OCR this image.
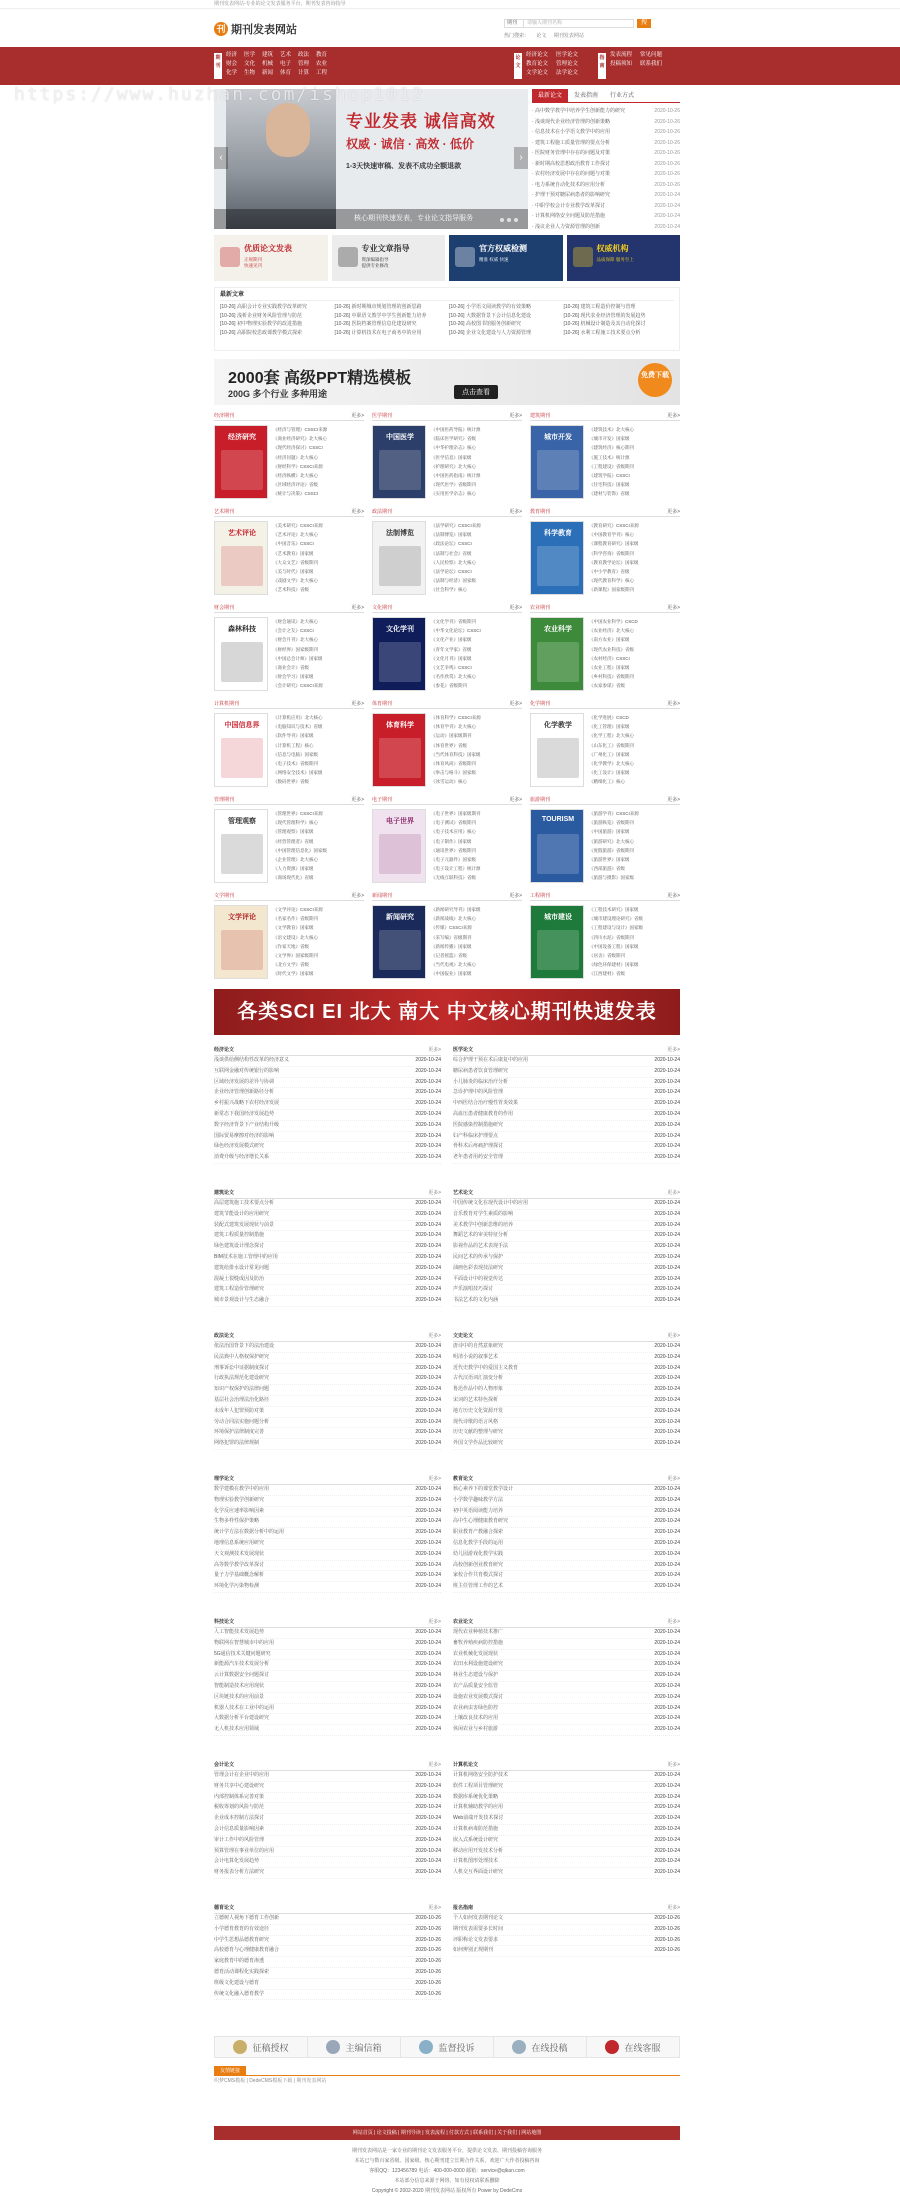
期刊发表网站-专业的论文发表服务平台，期刊发表咨询指导
刊 期刊发表网站
期刊	请输入期刊名称	搜
热门搜索： 论文 期刊发表网站
期
刊
经济	医学	建筑	艺术	政法	教育
财会	文化	机械	电子	管理	农业
化学	生物	新闻	体育	计算	工程
论
文
经济论文	医学论文
教育论文	管理论文
文学论文	法学论文
指
南
发表流程	常见问题
投稿须知	联系我们
专业发表 诚信高效
权威 · 诚信 · 高效 · 低价
1-3天快速审稿、发表不成功全额退款
核心期刊快速发表，专业论文指导服务
‹	›
最新论文	发表指南	行业方式
· 高中数学教学中培养学生创新能力的研究	2020-10-26
· 浅谈现代企业经济管理的创新策略	2020-10-26
· 信息技术在小学语文教学中的应用	2020-10-26
· 建筑工程施工质量管理的要点分析	2020-10-26
· 医院财务管理中存在的问题及对策	2020-10-26
· 新时期高校思想政治教育工作探讨	2020-10-26
· 农村经济发展中存在的问题与对策	2020-10-26
· 电力系统自动化技术的应用分析	2020-10-26
· 护理干预对糖尿病患者的影响研究	2020-10-24
· 中职学校会计专业教学改革探讨	2020-10-24
· 计算机网络安全问题及防范措施	2020-10-24
· 浅议企业人力资源管理的创新	2020-10-24
优质论文发表
正规期刊
快速见刊
专业文章指导
资深编辑指导
提供专业修改
官方权威检测
精准 权威 快速
权威机构
品质保障 服务至上
最新文章
[10-26] 高职会计专业实践教学改革研究	[10-26] 新时期城市规划管理的创新思路	[10-26] 小学语文阅读教学的有效策略	[10-26] 建筑工程造价控制与管理
[10-26] 浅析企业财务风险管理与防范	[10-26] 中职语文教学中学生创新能力培养	[10-26] 大数据背景下会计信息化建设	[10-26] 现代农业经济管理的发展趋势
[10-26] 初中物理实验教学的改进措施	[10-26] 医院档案管理信息化建设研究	[10-26] 高校图书馆服务创新研究	[10-26] 机械设计制造及其自动化探讨
[10-26] 高职院校思政课教学模式探索	[10-26] 计算机技术在电子商务中的应用	[10-26] 企业文化建设与人力资源管理	[10-26] 水利工程施工技术要点分析
2000套 高级PPT精选模板
200G 多个行业 多种用途	点击查看
免费下载
经济期刊	更多>
经济研究
《经济与管理》CSSCI来源
《商业经济研究》北大核心
《现代经济探讨》CSSCI
《经济问题》北大核心
《财经科学》CSSCI来源
《经济纵横》北大核心
《区域经济评论》省级
《统计与决策》CSSCI
医学期刊	更多>
中国医学
《中国医药导报》统计源
《临床医学研究》省级
《中华护理杂志》核心
《医学信息》国家级
《护理研究》北大核心
《中国医药指南》统计源
《现代医学》省级期刊
《实用医学杂志》核心
建筑期刊	更多>
城市开发
《建筑技术》北大核心
《城市开发》国家级
《建筑经济》核心期刊
《施工技术》统计源
《工程建设》省级期刊
《建筑学报》CSSCI
《住宅科技》国家级
《建材与装饰》省级
艺术期刊	更多>
艺术评论
《美术研究》CSSCI来源
《艺术评论》北大核心
《中国音乐》CSSCI
《艺术教育》国家级
《大众文艺》省级期刊
《美与时代》国家级
《戏剧文学》北大核心
《艺术科技》省级
政法期刊	更多>
法制博览
《法学研究》CSSCI来源
《法制博览》国家级
《政法论坛》CSSCI
《法制与社会》省级
《人民检察》北大核心
《法学论坛》CSSCI
《法制与经济》国家级
《社会科学》核心
教育期刊	更多>
科学教育
《教育研究》CSSCI来源
《中国教育学刊》核心
《课程教育研究》国家级
《科学咨询》省级期刊
《教育教学论坛》国家级
《中小学教育》省级
《现代教育科学》核心
《新课程》国家级期刊
财会期刊	更多>
森林科技
《财会通讯》北大核心
《会计之友》CSSCI
《财会月刊》北大核心
《财经界》国家级期刊
《中国总会计师》国家级
《商业会计》省级
《财会学习》国家级
《会计研究》CSSCI来源
文化期刊	更多>
文化学刊
《文化学刊》省级期刊
《中华文化论坛》CSSCI
《文化产业》国家级
《青年文学家》省级
《文化月刊》国家级
《文艺争鸣》CSSCI
《名作欣赏》北大核心
《参花》省级期刊
农业期刊	更多>
农业科学
《中国农业科学》CSCD
《农业经济》北大核心
《南方农业》国家级
《现代农业科技》省级
《农村经济》CSSCI
《农业工程》国家级
《乡村科技》省级期刊
《农家参谋》省级
计算机期刊	更多>
中国信息界
《计算机应用》北大核心
《电脑知识与技术》省级
《软件导刊》国家级
《计算机工程》核心
《信息与电脑》国家级
《电子技术》省级期刊
《网络安全技术》国家级
《数码世界》省级
体育期刊	更多>
体育科学
《体育科学》CSSCI来源
《体育学刊》北大核心
《运动》国家级期刊
《体育世界》省级
《当代体育科技》国家级
《体育风尚》省级期刊
《拳击与格斗》国家级
《冰雪运动》核心
化学期刊	更多>
化学教学
《化学进展》CSCD
《化工管理》国家级
《化学工程》北大核心
《山东化工》省级期刊
《广州化工》国家级
《化学教学》北大核心
《化工设计》国家级
《精细化工》核心
管理期刊	更多>
管理观察
《管理世界》CSSCI来源
《现代管理科学》核心
《管理观察》国家级
《经营管理者》省级
《中国管理信息化》国家级
《企业管理》北大核心
《人力资源》国家级
《商场现代化》省级
电子期刊	更多>
电子世界
《电子世界》国家级期刊
《电子测试》省级期刊
《电子技术应用》核心
《电子制作》国家级
《通讯世界》省级期刊
《电子元器件》国家级
《电子设计工程》统计源
《无线互联科技》省级
旅游期刊	更多>
TOURISM
《旅游学刊》CSSCI来源
《旅游纵览》省级期刊
《中国旅游》国家级
《旅游研究》北大核心
《度假旅游》省级期刊
《旅游世界》国家级
《西部旅游》省级
《旅游与摄影》国家级
文学期刊	更多>
文学评论
《文学评论》CSSCI来源
《名家名作》省级期刊
《文学教育》国家级
《语文建设》北大核心
《作家天地》省级
《文学界》国家级期刊
《北方文学》省级
《时代文学》国家级
新闻期刊	更多>
新闻研究
《新闻研究导刊》国家级
《新闻战线》北大核心
《传媒》CSSCI来源
《采写编》省级期刊
《新闻传播》国家级
《记者摇篮》省级
《当代电视》北大核心
《中国报业》国家级
工程期刊	更多>
城市建设
《工程技术研究》国家级
《城市建设理论研究》省级
《工程建设与设计》国家级
《四川水泥》省级期刊
《中国设备工程》国家级
《居舍》省级期刊
《绿色环保建材》国家级
《江西建材》省级
各类SCI EI 北大 南大 中文核心期刊快速发表
经济论文	更多>
浅谈供给侧结构性改革的经济意义	2020-10-24
互联网金融对传统银行的影响	2020-10-24
区域经济发展的差异与协调	2020-10-24
企业经济管理创新路径分析	2020-10-24
乡村振兴战略下农村经济发展	2020-10-24
新常态下我国经济发展趋势	2020-10-24
数字经济背景下产业结构升级	2020-10-24
国际贸易摩擦对经济的影响	2020-10-24
绿色经济发展模式研究	2020-10-24
消费升级与经济增长关系	2020-10-24
医学论文	更多>
综合护理干预在术后康复中的应用	2020-10-24
糖尿病患者饮食管理研究	2020-10-24
小儿肺炎的临床治疗分析	2020-10-24
急诊护理中的风险管理	2020-10-24
中西医结合治疗慢性胃炎效果	2020-10-24
高血压患者健康教育的作用	2020-10-24
医院感染控制措施研究	2020-10-24
妇产科临床护理要点	2020-10-24
骨科术后疼痛护理探讨	2020-10-24
老年患者用药安全管理	2020-10-24
建筑论文	更多>
高层建筑施工技术要点分析	2020-10-24
建筑节能设计的应用研究	2020-10-24
装配式建筑发展现状与前景	2020-10-24
建筑工程质量控制措施	2020-10-24
绿色建筑设计理念探讨	2020-10-24
BIM技术在施工管理中的应用	2020-10-24
建筑给排水设计常见问题	2020-10-24
混凝土裂缝成因及防治	2020-10-24
建筑工程造价管理研究	2020-10-24
城市景观设计与生态融合	2020-10-24
艺术论文	更多>
中国传统文化在现代设计中的应用	2020-10-24
音乐教育对学生素质的影响	2020-10-24
美术教学中创新思维的培养	2020-10-24
舞蹈艺术的审美特征分析	2020-10-24
影视作品的艺术表现手法	2020-10-24
民间艺术的传承与保护	2020-10-24
油画色彩表现技法研究	2020-10-24
平面设计中的视觉传达	2020-10-24
声乐演唱技巧探讨	2020-10-24
书法艺术的文化内涵	2020-10-24
政法论文	更多>
依法治国背景下的法治建设	2020-10-24
民法典中人格权保护研究	2020-10-24
刑事诉讼中证据制度探讨	2020-10-24
行政执法规范化建设研究	2020-10-24
知识产权保护的法律问题	2020-10-24
基层社会治理法治化路径	2020-10-24
未成年人犯罪预防对策	2020-10-24
劳动合同法实施问题分析	2020-10-24
环境保护法律制度完善	2020-10-24
网络犯罪的法律规制	2020-10-24
文史论文	更多>
唐诗中的自然意象研究	2020-10-24
明清小说的叙事艺术	2020-10-24
近代史教学中的爱国主义教育	2020-10-24
古代汉语词汇演变分析	2020-10-24
鲁迅作品中的人物形象	2020-10-24
宋词的艺术特色探析	2020-10-24
地方历史文化资源开发	2020-10-24
现代诗歌的语言风格	2020-10-24
历史文献的整理与研究	2020-10-24
外国文学作品比较研究	2020-10-24
理学论文	更多>
数学建模在教学中的应用	2020-10-24
物理实验教学创新研究	2020-10-24
化学反应速率影响因素	2020-10-24
生物多样性保护策略	2020-10-24
统计学方法在数据分析中的运用	2020-10-24
地理信息系统应用研究	2020-10-24
天文观测技术发展现状	2020-10-24
高等数学教学改革探讨	2020-10-24
量子力学基础概念解析	2020-10-24
环境化学污染物检测	2020-10-24
教育论文	更多>
核心素养下的课堂教学设计	2020-10-24
小学数学趣味教学方法	2020-10-24
初中英语阅读能力培养	2020-10-24
高中生心理健康教育研究	2020-10-24
职业教育产教融合探索	2020-10-24
信息化教学手段的运用	2020-10-24
幼儿园游戏化教学实践	2020-10-24
高校创新创业教育研究	2020-10-24
家校合作共育模式探讨	2020-10-24
班主任管理工作的艺术	2020-10-24
科技论文	更多>
人工智能技术发展趋势	2020-10-24
物联网在智慧城市中的应用	2020-10-24
5G通信技术关键问题研究	2020-10-24
新能源汽车技术发展分析	2020-10-24
云计算数据安全问题探讨	2020-10-24
智能制造技术应用现状	2020-10-24
区块链技术的应用前景	2020-10-24
机器人技术在工业中的运用	2020-10-24
大数据分析平台建设研究	2020-10-24
无人机技术应用领域	2020-10-24
农业论文	更多>
现代农业种植技术推广	2020-10-24
畜牧养殖疾病防控措施	2020-10-24
农业机械化发展现状	2020-10-24
农田水利设施建设研究	2020-10-24
林业生态建设与保护	2020-10-24
农产品质量安全监管	2020-10-24
设施农业发展模式探讨	2020-10-24
农业病虫害绿色防控	2020-10-24
土壤改良技术的应用	2020-10-24
休闲农业与乡村旅游	2020-10-24
会计论文	更多>
管理会计在企业中的应用	2020-10-24
财务共享中心建设研究	2020-10-24
内部控制体系完善对策	2020-10-24
税收筹划的风险与防范	2020-10-24
企业成本控制方法探讨	2020-10-24
会计信息质量影响因素	2020-10-24
审计工作中的风险管理	2020-10-24
预算管理在事业单位的应用	2020-10-24
会计电算化发展趋势	2020-10-24
财务报表分析方法研究	2020-10-24
计算机论文	更多>
计算机网络安全防护技术	2020-10-24
软件工程项目管理研究	2020-10-24
数据库系统优化策略	2020-10-24
计算机辅助教学的应用	2020-10-24
Web前端开发技术探讨	2020-10-24
计算机病毒防范措施	2020-10-24
嵌入式系统设计研究	2020-10-24
移动应用开发技术分析	2020-10-24
计算机图形处理技术	2020-10-24
人机交互界面设计研究	2020-10-24
德育论文	更多>
立德树人视角下德育工作创新	2020-10-26
小学德育教育的有效途径	2020-10-26
中学生思想品德教育研究	2020-10-26
高校德育与心理健康教育融合	2020-10-26
家庭教育中的德育渗透	2020-10-26
德育活动课程化实践探索	2020-10-26
班级文化建设与德育	2020-10-26
传统文化融入德育教学	2020-10-26
报名指南	更多>
个人如何发表期刊论文	2020-10-26
期刊发表需要多长时间	2020-10-26
评职称论文发表要求	2020-10-26
如何辨别正规期刊	2020-10-26
征稿授权	主编信箱	监督投诉	在线投稿	在线客服
友情链接
织梦CMS模板 | DedeCMS模板下载 | 期刊发表网站
网站首页 | 论文投稿 | 期刊导读 | 发表流程 | 付款方式 | 联系我们 | 关于我们 | 网站地图
期刊发表网站是一家专业的期刊论文发表服务平台，提供论文发表、期刊投稿咨询服务
本站已与数百家省级、国家级、核心期刊建立长期合作关系，欢迎广大作者投稿咨询
客服QQ：123456789 电话：400-000-0000 邮箱：service@qikan.com
本站部分信息来源于网络，如有侵权请联系删除
Copyright © 2002-2020 期刊发表网站 版权所有 Power by DedeCms
https://www.huzhan.com/ishop1012
